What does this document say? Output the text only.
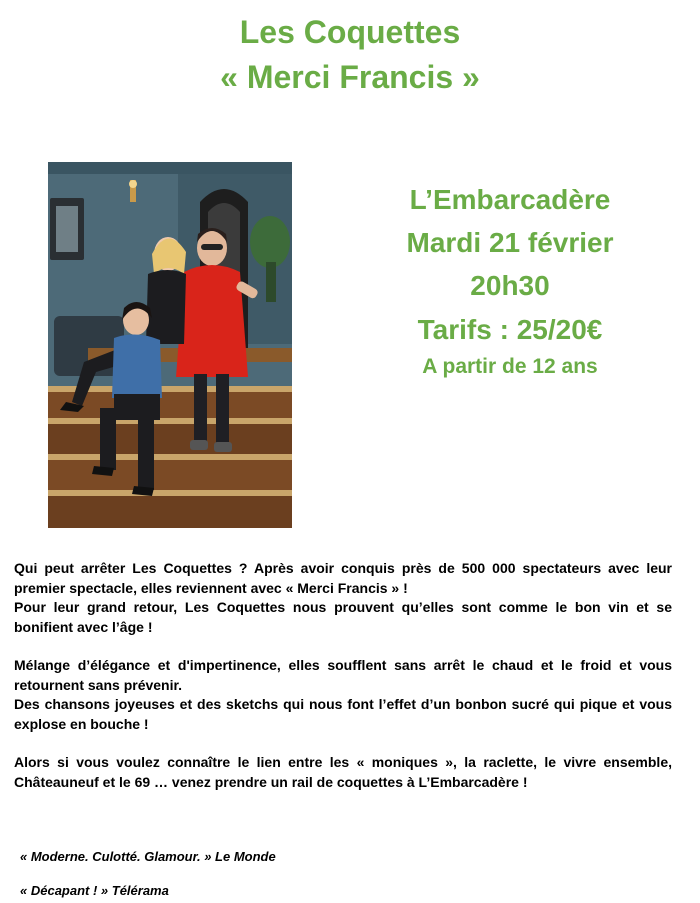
Les Coquettes
« Merci Francis »
L’Embarcadère
Mardi 21 février
20h30
Tarifs : 25/20€
A partir de 12 ans

Qui peut arrêter Les Coquettes ? Après avoir conquis près de 500 000 spectateurs avec leur premier spectacle, elles reviennent avec « Merci Francis » !

Pour leur grand retour, Les Coquettes nous prouvent qu’elles sont comme le bon vin et se bonifient avec l’âge !

Mélange d’élégance et d'impertinence, elles soufflent sans arrêt le chaud et le froid et vous retournent sans prévenir.

Des chansons joyeuses et des sketchs qui nous font l’effet d’un bonbon sucré qui pique et vous explose en bouche !

Alors si vous voulez connaître le lien entre les « moniques », la raclette, le vivre ensemble, Châteauneuf et le 69 … venez prendre un rail de coquettes à L’Embarcadère !

« Moderne. Culotté. Glamour. » Le Monde
« Décapant ! » Télérama
